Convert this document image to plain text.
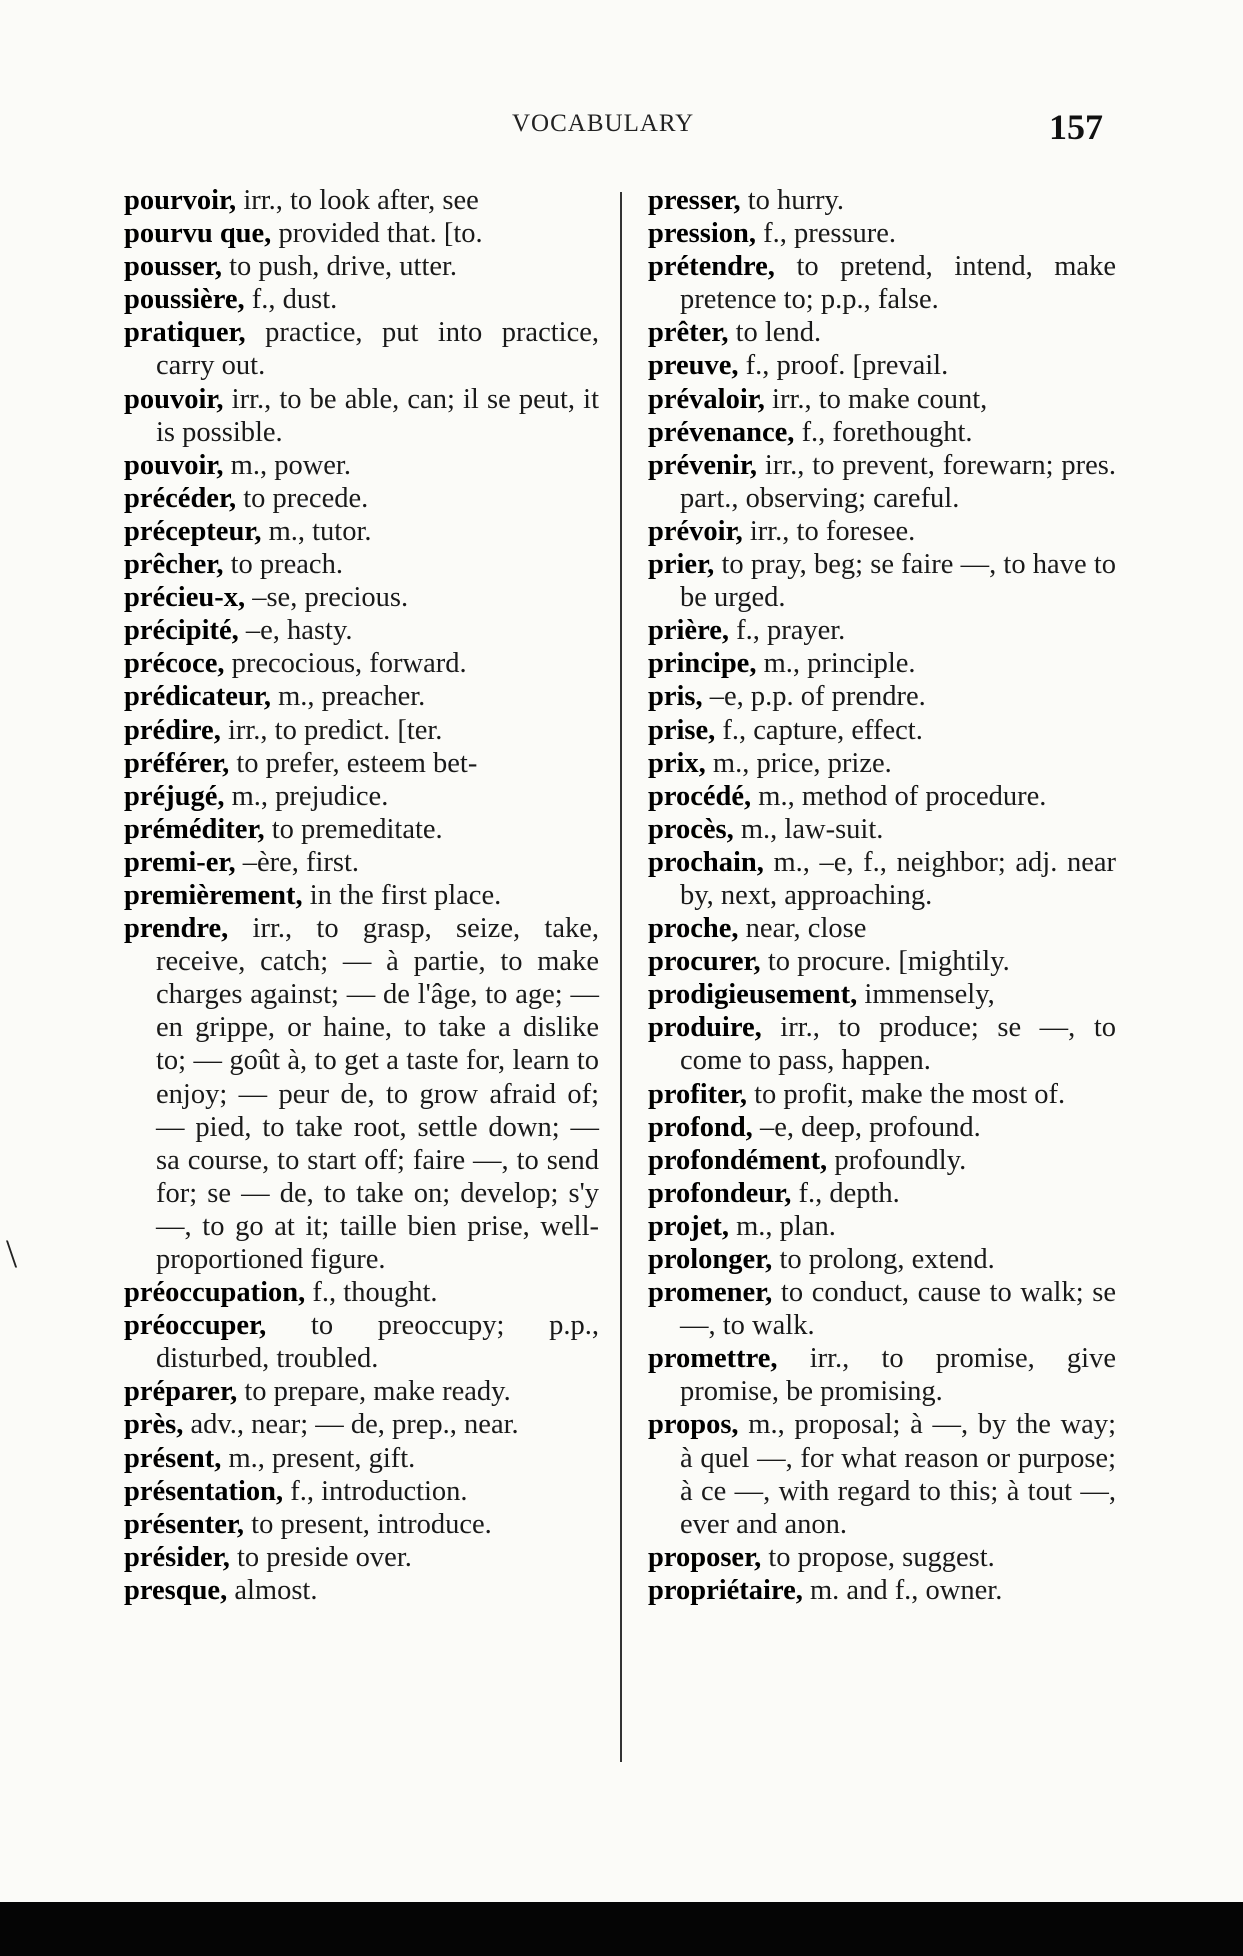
VOCABULARY	157

pourvoir, irr., to look after, see

pourvu que, provided that. [to.

pousser, to push, drive, utter.

poussière, f., dust.

pratiquer, practice, put into practice, carry out.

pouvoir, irr., to be able, can; il se peut, it is possible.

pouvoir, m., power.

précéder, to precede.

précepteur, m., tutor.

prêcher, to preach.

précieu-x, –se, precious.

précipité, –e, hasty.

précoce, precocious, forward.

prédicateur, m., preacher.

prédire, irr., to predict. [ter.

préférer, to prefer, esteem bet-

préjugé, m., prejudice.

préméditer, to premeditate.

premi-er, –ère, first.

premièrement, in the first place.

prendre, irr., to grasp, seize, take, receive, catch; — à partie, to make charges against; — de l'âge, to age; — en grippe, or haine, to take a dislike to; — goût à, to get a taste for, learn to enjoy; — peur de, to grow afraid of; — pied, to take root, settle down; — sa course, to start off; faire —, to send for; se — de, to take on; develop; s'y —, to go at it; taille bien prise, well-proportioned figure.

préoccupation, f., thought.

préoccuper, to preoccupy; p.p., disturbed, troubled.

préparer, to prepare, make ready.

près, adv., near; — de, prep., near.

présent, m., present, gift.

présentation, f., introduction.

présenter, to present, introduce.

présider, to preside over.

presque, almost.

presser, to hurry.

pression, f., pressure.

prétendre, to pretend, intend, make pretence to; p.p., false.

prêter, to lend.

preuve, f., proof. [prevail.

prévaloir, irr., to make count,

prévenance, f., forethought.

prévenir, irr., to prevent, forewarn; pres. part., observing; careful.

prévoir, irr., to foresee.

prier, to pray, beg; se faire —, to have to be urged.

prière, f., prayer.

principe, m., principle.

pris, –e, p.p. of prendre.

prise, f., capture, effect.

prix, m., price, prize.

procédé, m., method of procedure.

procès, m., law-suit.

prochain, m., –e, f., neighbor; adj. near by, next, approaching.

proche, near, close

procurer, to procure. [mightily.

prodigieusement, immensely,

produire, irr., to produce; se —, to come to pass, happen.

profiter, to profit, make the most of.

profond, –e, deep, profound.

profondément, profoundly.

profondeur, f., depth.

projet, m., plan.

prolonger, to prolong, extend.

promener, to conduct, cause to walk; se —, to walk.

promettre, irr., to promise, give promise, be promising.

propos, m., proposal; à —, by the way; à quel —, for what reason or purpose; à ce —, with regard to this; à tout —, ever and anon.

proposer, to propose, suggest.

propriétaire, m. and f., owner.

\
